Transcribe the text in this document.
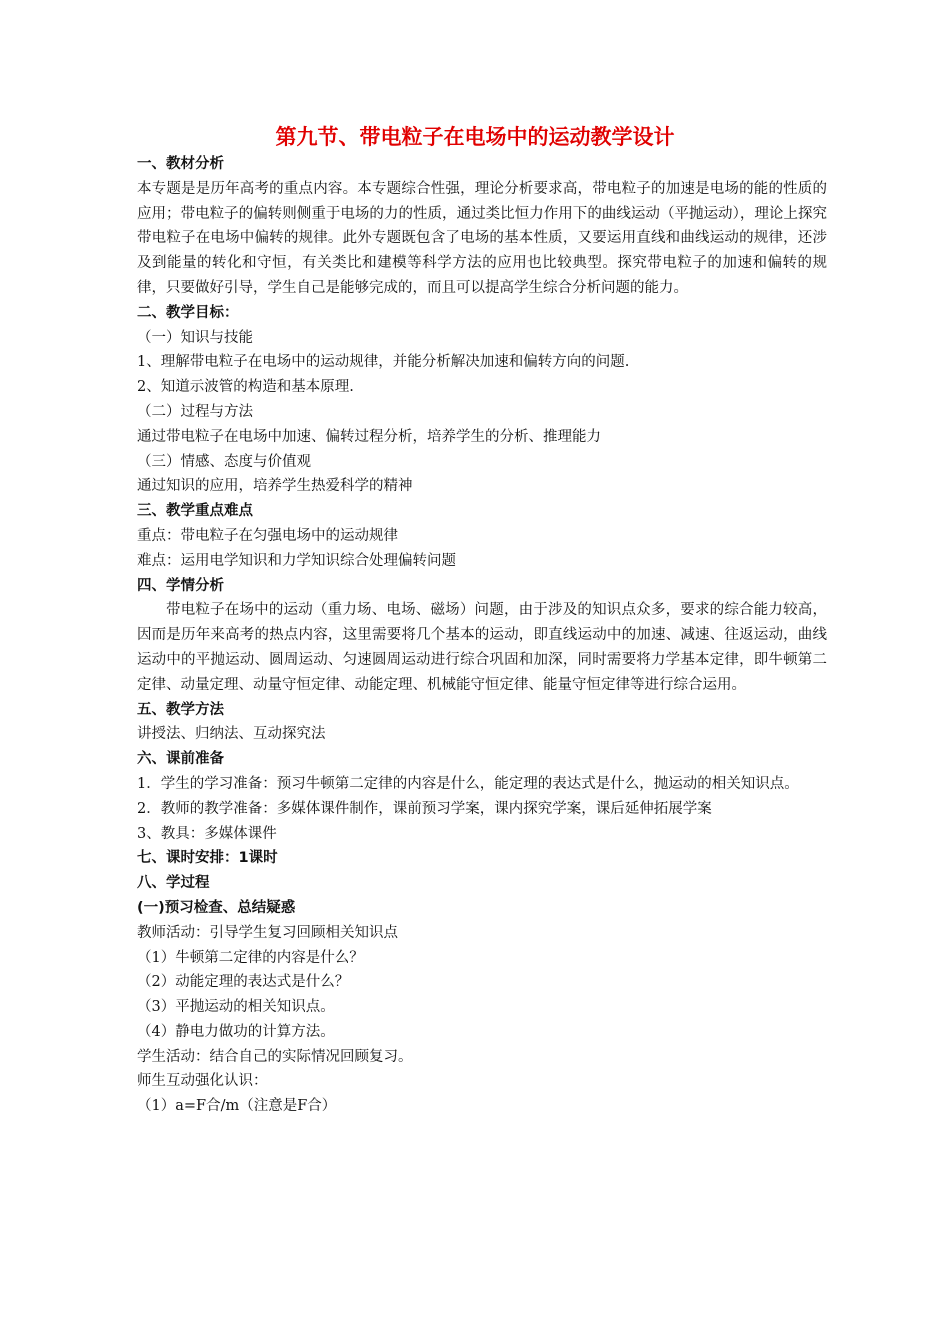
第九节、带电粒子在电场中的运动教学设计

一、教材分析

本专题是是历年高考的重点内容。本专题综合性强，理论分析要求高，带电粒子的加速是电场的能的性质的应用；带电粒子的偏转则侧重于电场的力的性质，通过类比恒力作用下的曲线运动（平抛运动），理论上探究带电粒子在电场中偏转的规律。此外专题既包含了电场的基本性质，又要运用直线和曲线运动的规律，还涉及到能量的转化和守恒，有关类比和建模等科学方法的应用也比较典型。探究带电粒子的加速和偏转的规律，只要做好引导，学生自己是能够完成的，而且可以提高学生综合分析问题的能力。

二、教学目标：

（一）知识与技能

1、理解带电粒子在电场中的运动规律，并能分析解决加速和偏转方向的问题.

2、知道示波管的构造和基本原理.

（二）过程与方法

通过带电粒子在电场中加速、偏转过程分析，培养学生的分析、推理能力

（三）情感、态度与价值观

通过知识的应用，培养学生热爱科学的精神

三、教学重点难点

重点：带电粒子在匀强电场中的运动规律

难点：运用电学知识和力学知识综合处理偏转问题

四、学情分析

带电粒子在场中的运动（重力场、电场、磁场）问题，由于涉及的知识点众多，要求的综合能力较高，因而是历年来高考的热点内容，这里需要将几个基本的运动，即直线运动中的加速、减速、往返运动，曲线运动中的平抛运动、圆周运动、匀速圆周运动进行综合巩固和加深，同时需要将力学基本定律，即牛顿第二定律、动量定理、动量守恒定律、动能定理、机械能守恒定律、能量守恒定律等进行综合运用。

五、教学方法

讲授法、归纳法、互动探究法

六、课前准备

1．学生的学习准备：预习牛顿第二定律的内容是什么，能定理的表达式是什么，抛运动的相关知识点。

2．教师的教学准备：多媒体课件制作，课前预习学案，课内探究学案，课后延伸拓展学案

3、教具：多媒体课件

七、课时安排：1课时

八、学过程

(一)预习检查、总结疑惑

教师活动：引导学生复习回顾相关知识点

（1）牛顿第二定律的内容是什么？

（2）动能定理的表达式是什么？

（3）平抛运动的相关知识点。

（4）静电力做功的计算方法。

学生活动：结合自己的实际情况回顾复习。

师生互动强化认识：

（1）a=F合/m（注意是F合）
